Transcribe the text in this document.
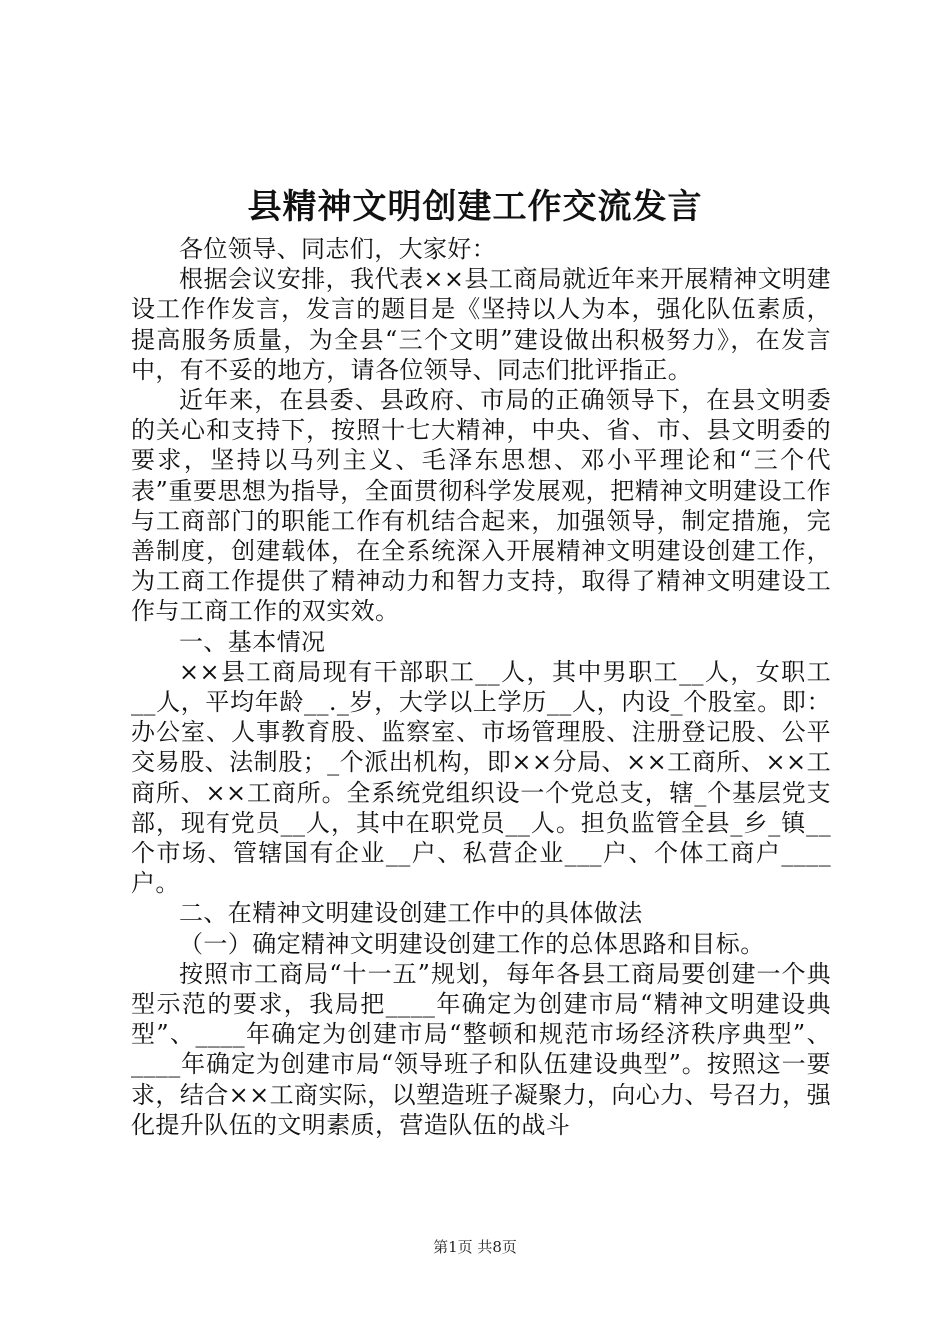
县精神文明创建工作交流发言

各位领导、同志们，大家好：

根据会议安排，我代表××县工商局就近年来开展精神文明建设工作作发言，发言的题目是《坚持以人为本，强化队伍素质，提高服务质量，为全县“三个文明”建设做出积极努力》，在发言中，有不妥的地方，请各位领导、同志们批评指正。

近年来，在县委、县政府、市局的正确领导下，在县文明委的关心和支持下，按照十七大精神，中央、省、市、县文明委的要求，坚持以马列主义、毛泽东思想、邓小平理论和“三个代表”重要思想为指导，全面贯彻科学发展观，把精神文明建设工作与工商部门的职能工作有机结合起来，加强领导，制定措施，完善制度，创建载体，在全系统深入开展精神文明建设创建工作，为工商工作提供了精神动力和智力支持，取得了精神文明建设工作与工商工作的双实效。

一、基本情况

××县工商局现有干部职工__人，其中男职工__人，女职工__人，平均年龄__._岁，大学以上学历__人，内设_个股室。即：办公室、人事教育股、监察室、市场管理股、注册登记股、公平交易股、法制股；_个派出机构，即××分局、××工商所、××工商所、××工商所。全系统党组织设一个党总支，辖_个基层党支部，现有党员__人，其中在职党员__人。担负监管全县_乡_镇__个市场、管辖国有企业__户、私营企业___户、个体工商户____户。

二、在精神文明建设创建工作中的具体做法

（一）确定精神文明建设创建工作的总体思路和目标。

按照市工商局“十一五”规划，每年各县工商局要创建一个典型示范的要求，我局把____年确定为创建市局“精神文明建设典型”、____年确定为创建市局“整顿和规范市场经济秩序典型”、____年确定为创建市局“领导班子和队伍建设典型”。按照这一要求，结合××工商实际，以塑造班子凝聚力，向心力、号召力，强化提升队伍的文明素质，营造队伍的战斗

第1页 共8页
